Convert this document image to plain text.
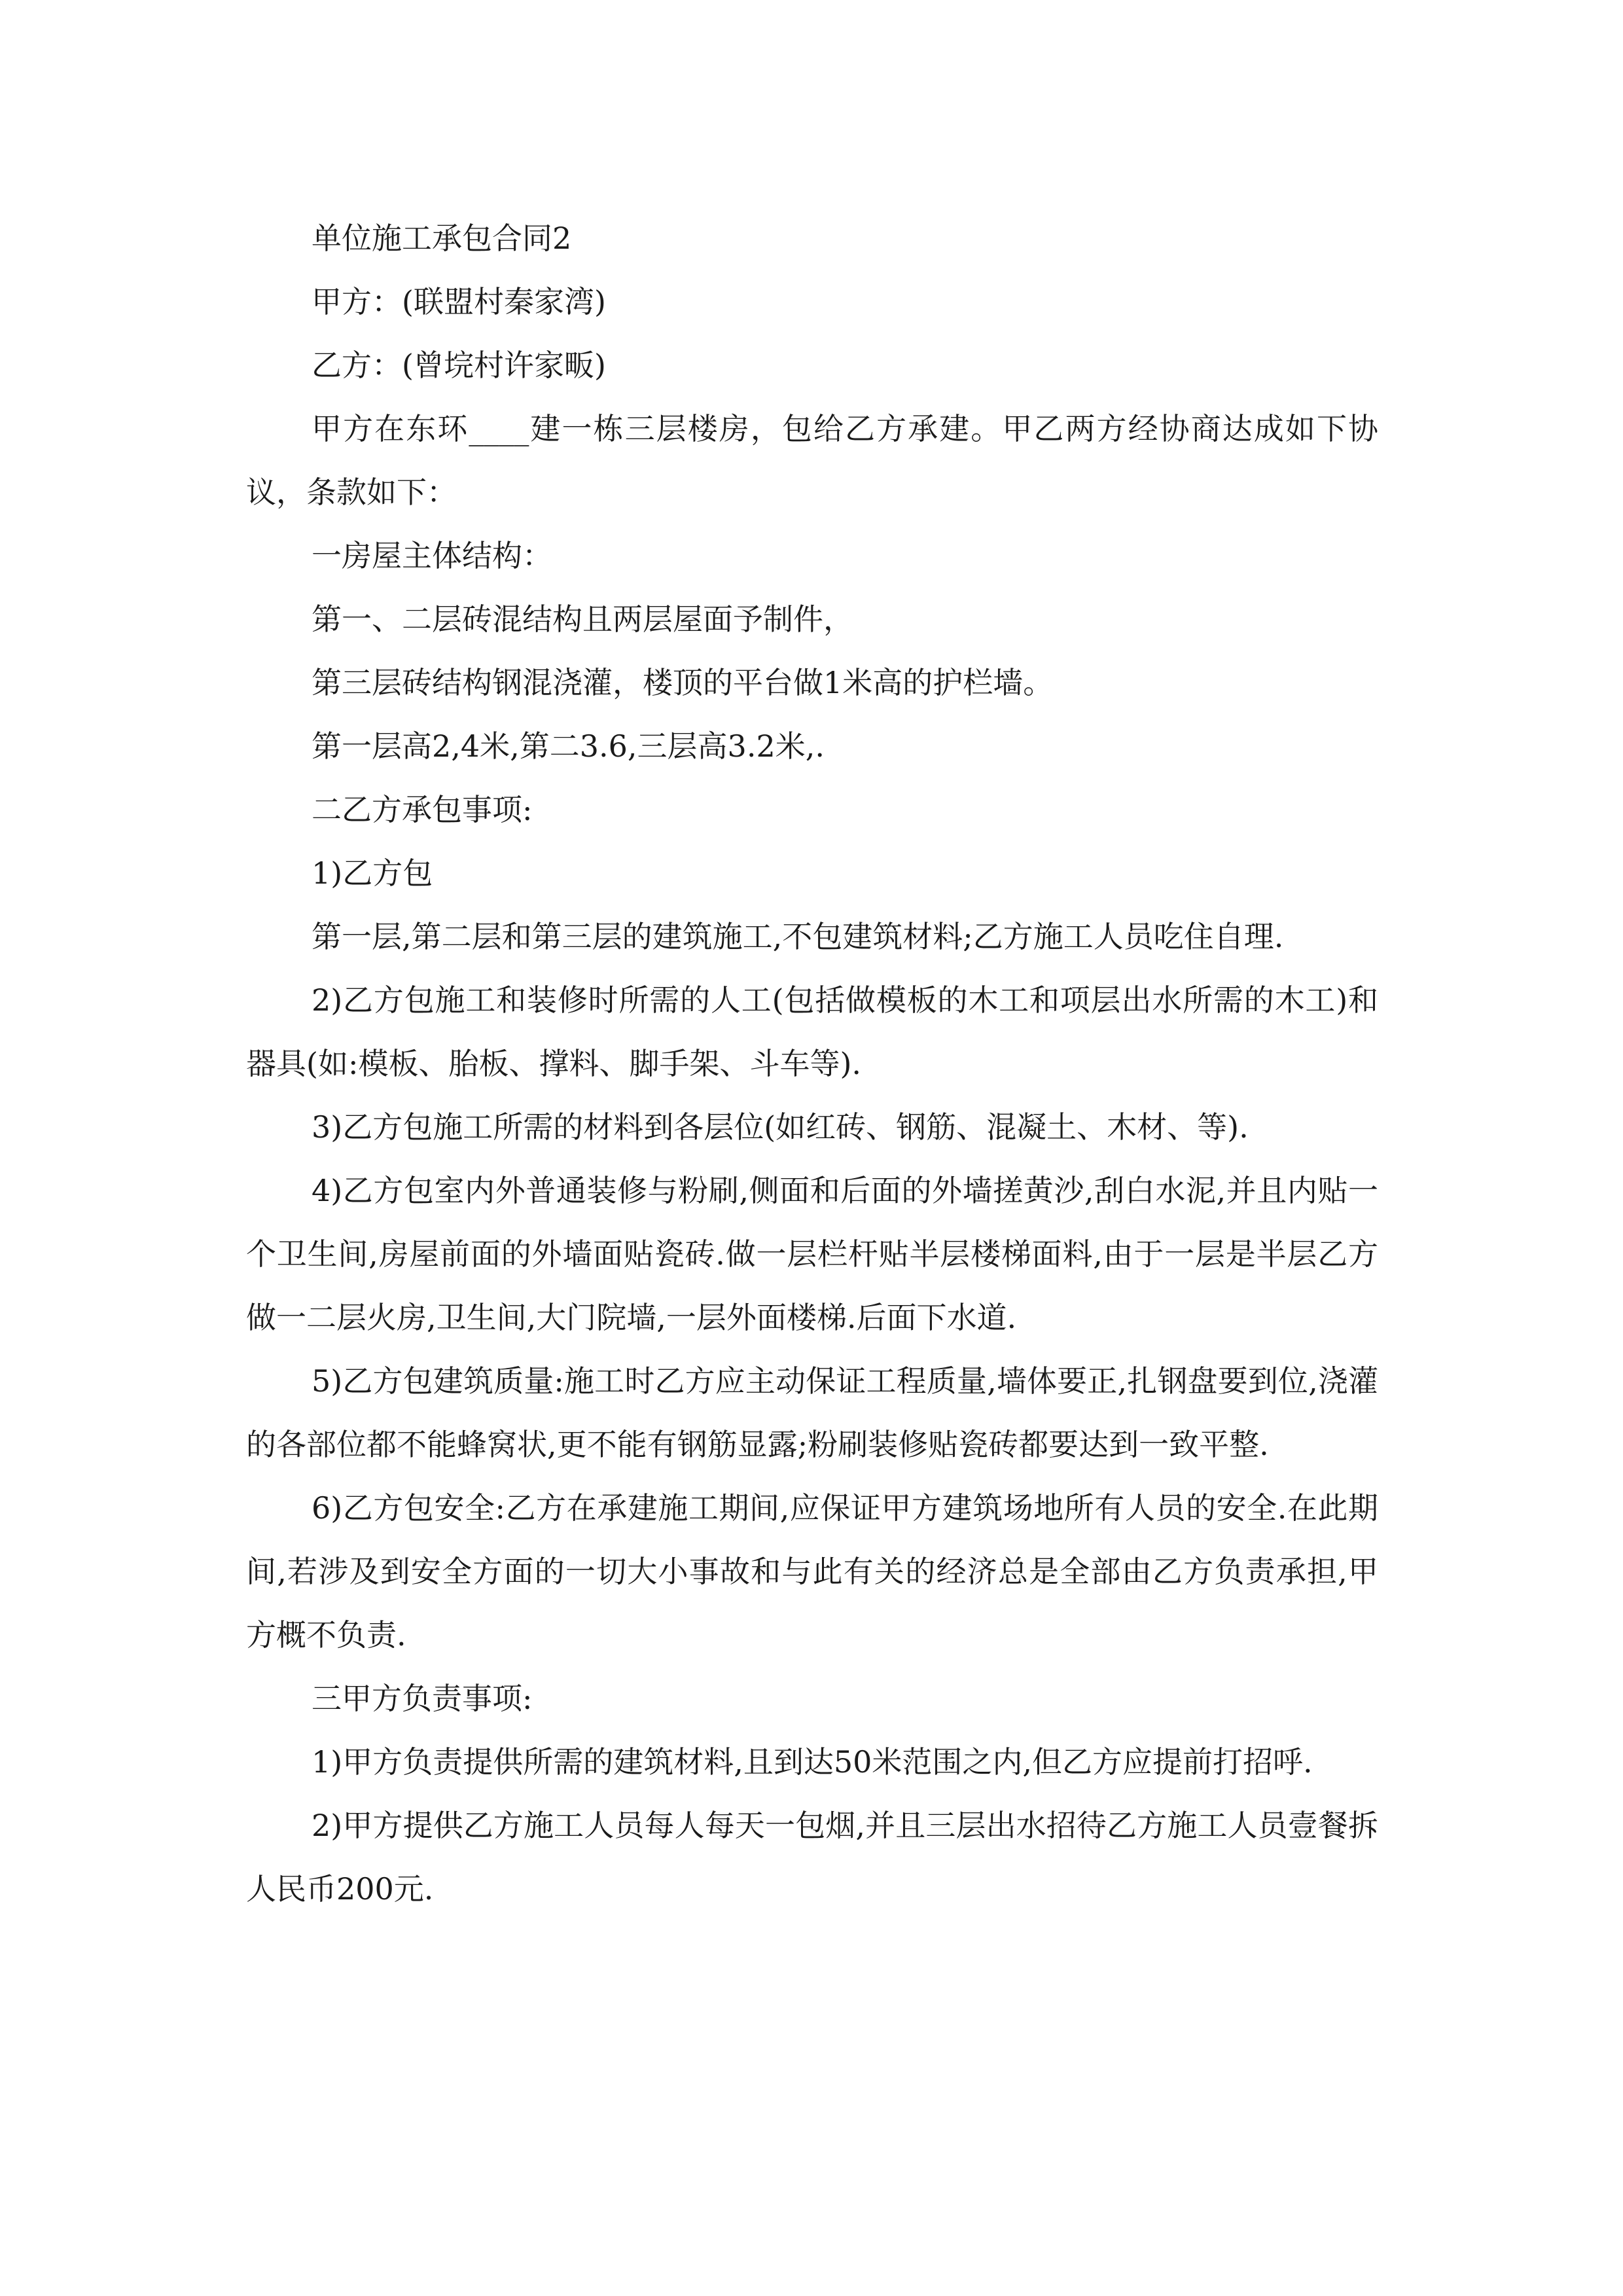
单位施工承包合同2

甲方：(联盟村秦家湾)

乙方：(曾垸村许家畈)

甲方在东环____建一栋三层楼房，包给乙方承建。甲乙两方经协商达成如下协议，条款如下：

一房屋主体结构：

第一、二层砖混结构且两层屋面予制件，

第三层砖结构钢混浇灌，楼顶的平台做1米高的护栏墙。

第一层高2,4米,第二3.6,三层高3.2米,.

二乙方承包事项:

1)乙方包

第一层,第二层和第三层的建筑施工,不包建筑材料;乙方施工人员吃住自理.

2)乙方包施工和装修时所需的人工(包括做模板的木工和项层出水所需的木工)和器具(如:模板、胎板、撑料、脚手架、斗车等).

3)乙方包施工所需的材料到各层位(如红砖、钢筋、混凝土、木材、等).

4)乙方包室内外普通装修与粉刷,侧面和后面的外墙搓黄沙,刮白水泥,并且内贴一个卫生间,房屋前面的外墙面贴瓷砖.做一层栏杆贴半层楼梯面料,由于一层是半层乙方做一二层火房,卫生间,大门院墙,一层外面楼梯.后面下水道.

5)乙方包建筑质量:施工时乙方应主动保证工程质量,墙体要正,扎钢盘要到位,浇灌的各部位都不能蜂窝状,更不能有钢筋显露;粉刷装修贴瓷砖都要达到一致平整.

6)乙方包安全:乙方在承建施工期间,应保证甲方建筑场地所有人员的安全.在此期间,若涉及到安全方面的一切大小事故和与此有关的经济总是全部由乙方负责承担,甲方概不负责.

三甲方负责事项:

1)甲方负责提供所需的建筑材料,且到达50米范围之内,但乙方应提前打招呼.

2)甲方提供乙方施工人员每人每天一包烟,并且三层出水招待乙方施工人员壹餐拆人民币200元.
